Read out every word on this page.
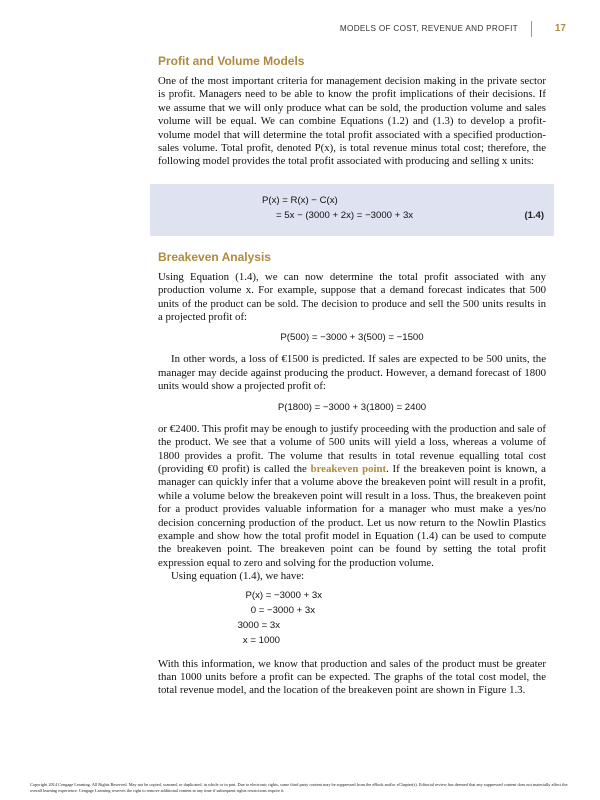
MODELS OF COST, REVENUE AND PROFIT	17
Profit and Volume Models

One of the most important criteria for management decision making in the private sector is profit. Managers need to be able to know the profit implications of their decisions. If we assume that we will only produce what can be sold, the production volume and sales volume will be equal. We can combine Equations (1.2) and (1.3) to develop a profit-volume model that will determine the total profit associated with a specified production-sales volume. Total profit, denoted P(x), is total revenue minus total cost; therefore, the following model provides the total profit associated with producing and selling x units:

P(x) = R(x) − C(x)
= 5x − (3000 + 2x) = −3000 + 3x	(1.4)
Breakeven Analysis

Using Equation (1.4), we can now determine the total profit associated with any production volume x. For example, suppose that a demand forecast indicates that 500 units of the product can be sold. The decision to produce and sell the 500 units results in a projected profit of:

P(500) = −3000 + 3(500) = −1500

In other words, a loss of €1500 is predicted. If sales are expected to be 500 units, the manager may decide against producing the product. However, a demand forecast of 1800 units would show a projected profit of:

P(1800) = −3000 + 3(1800) = 2400

or €2400. This profit may be enough to justify proceeding with the production and sale of the product. We see that a volume of 500 units will yield a loss, whereas a volume of 1800 provides a profit. The volume that results in total revenue equalling total cost (providing €0 profit) is called the breakeven point. If the breakeven point is known, a manager can quickly infer that a volume above the breakeven point will result in a profit, while a volume below the breakeven point will result in a loss. Thus, the breakeven point for a product provides valuable information for a manager who must make a yes/no decision concerning production of the product. Let us now return to the Nowlin Plastics example and show how the total profit model in Equation (1.4) can be used to compute the breakeven point. The breakeven point can be found by setting the total profit expression equal to zero and solving for the production volume.

Using equation (1.4), we have:

P(x) = −3000 + 3x
0 = −3000 + 3x
3000 = 3x
x = 1000

With this information, we know that production and sales of the product must be greater than 1000 units before a profit can be expected. The graphs of the total cost model, the total revenue model, and the location of the breakeven point are shown in Figure 1.3.

Copyright 2014 Cengage Learning. All Rights Reserved. May not be copied, scanned, or duplicated, in whole or in part. Due to electronic rights, some third party content may be suppressed from the eBook and/or eChapter(s). Editorial review has deemed that any suppressed content does not materially affect the overall learning experience. Cengage Learning reserves the right to remove additional content at any time if subsequent rights restrictions require it.
